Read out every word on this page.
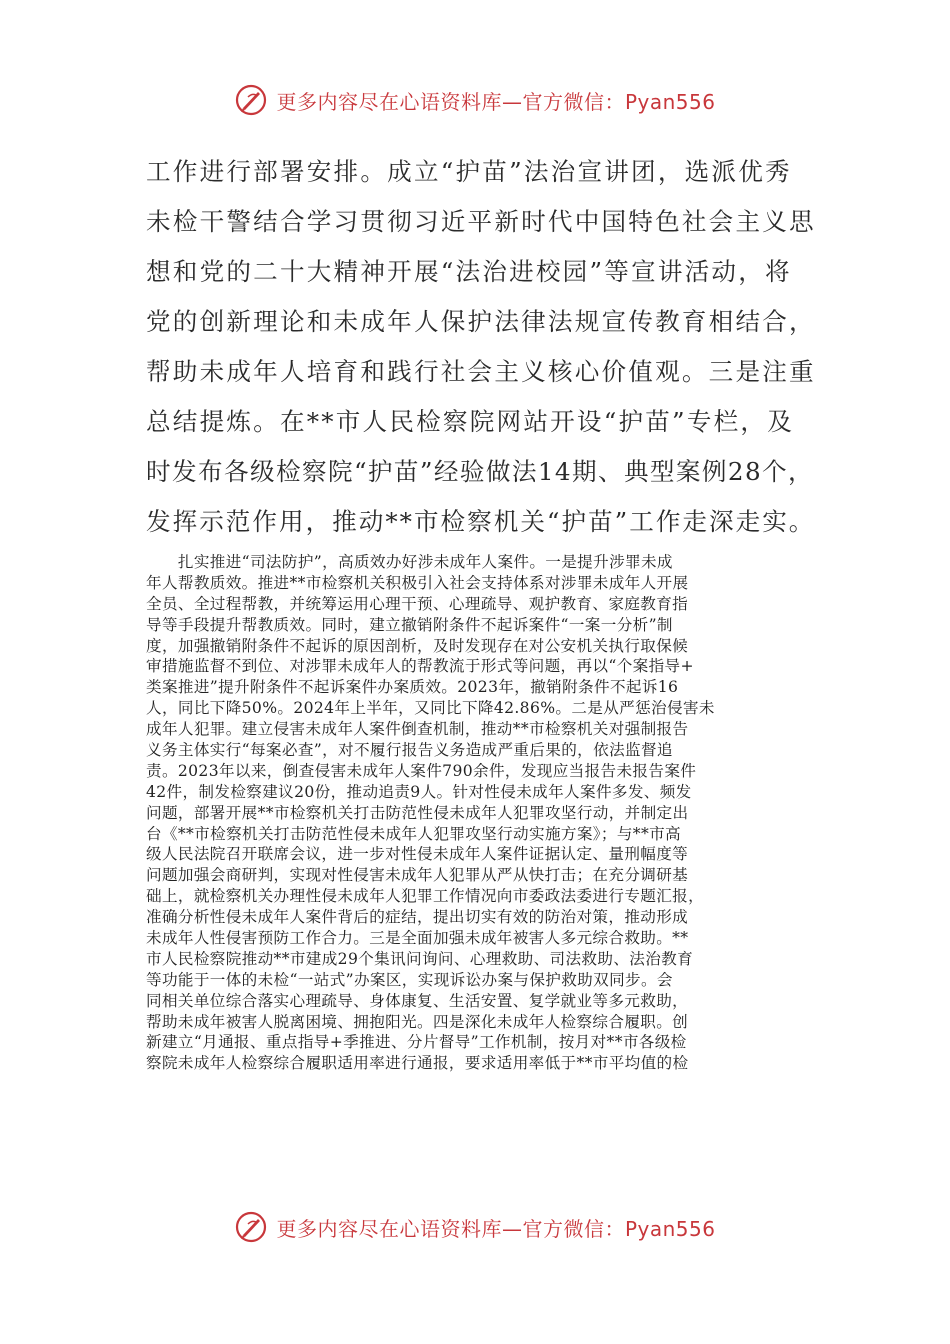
更多内容尽在心语资料库—官方微信：Pyan556
工作进行部署安排。成立“护苗”法治宣讲团，选派优秀
未检干警结合学习贯彻习近平新时代中国特色社会主义思
想和党的二十大精神开展“法治进校园”等宣讲活动，将
党的创新理论和未成年人保护法律法规宣传教育相结合，
帮助未成年人培育和践行社会主义核心价值观。三是注重
总结提炼。在**市人民检察院网站开设“护苗”专栏，及
时发布各级检察院“护苗”经验做法14期、典型案例28个，
发挥示范作用，推动**市检察机关“护苗”工作走深走实。
　　扎实推进“司法防护”，高质效办好涉未成年人案件。一是提升涉罪未成
年人帮教质效。推进**市检察机关积极引入社会支持体系对涉罪未成年人开展
全员、全过程帮教，并统筹运用心理干预、心理疏导、观护教育、家庭教育指
导等手段提升帮教质效。同时，建立撤销附条件不起诉案件“一案一分析”制
度，加强撤销附条件不起诉的原因剖析，及时发现存在对公安机关执行取保候
审措施监督不到位、对涉罪未成年人的帮教流于形式等问题，再以“个案指导+
类案推进”提升附条件不起诉案件办案质效。2023年，撤销附条件不起诉16
人，同比下降50%。2024年上半年，又同比下降42.86%。二是从严惩治侵害未
成年人犯罪。建立侵害未成年人案件倒查机制，推动**市检察机关对强制报告
义务主体实行“每案必查”，对不履行报告义务造成严重后果的，依法监督追
责。2023年以来，倒查侵害未成年人案件790余件，发现应当报告未报告案件
42件，制发检察建议20份，推动追责9人。针对性侵未成年人案件多发、频发
问题，部署开展**市检察机关打击防范性侵未成年人犯罪攻坚行动，并制定出
台《**市检察机关打击防范性侵未成年人犯罪攻坚行动实施方案》；与**市高
级人民法院召开联席会议，进一步对性侵未成年人案件证据认定、量刑幅度等
问题加强会商研判，实现对性侵害未成年人犯罪从严从快打击；在充分调研基
础上，就检察机关办理性侵未成年人犯罪工作情况向市委政法委进行专题汇报，
准确分析性侵未成年人案件背后的症结，提出切实有效的防治对策，推动形成
未成年人性侵害预防工作合力。三是全面加强未成年被害人多元综合救助。**
市人民检察院推动**市建成29个集讯问询问、心理救助、司法救助、法治教育
等功能于一体的未检“一站式”办案区，实现诉讼办案与保护救助双同步。会
同相关单位综合落实心理疏导、身体康复、生活安置、复学就业等多元救助，
帮助未成年被害人脱离困境、拥抱阳光。四是深化未成年人检察综合履职。创
新建立“月通报、重点指导+季推进、分片督导”工作机制，按月对**市各级检
察院未成年人检察综合履职适用率进行通报，要求适用率低于**市平均值的检
更多内容尽在心语资料库—官方微信：Pyan556
